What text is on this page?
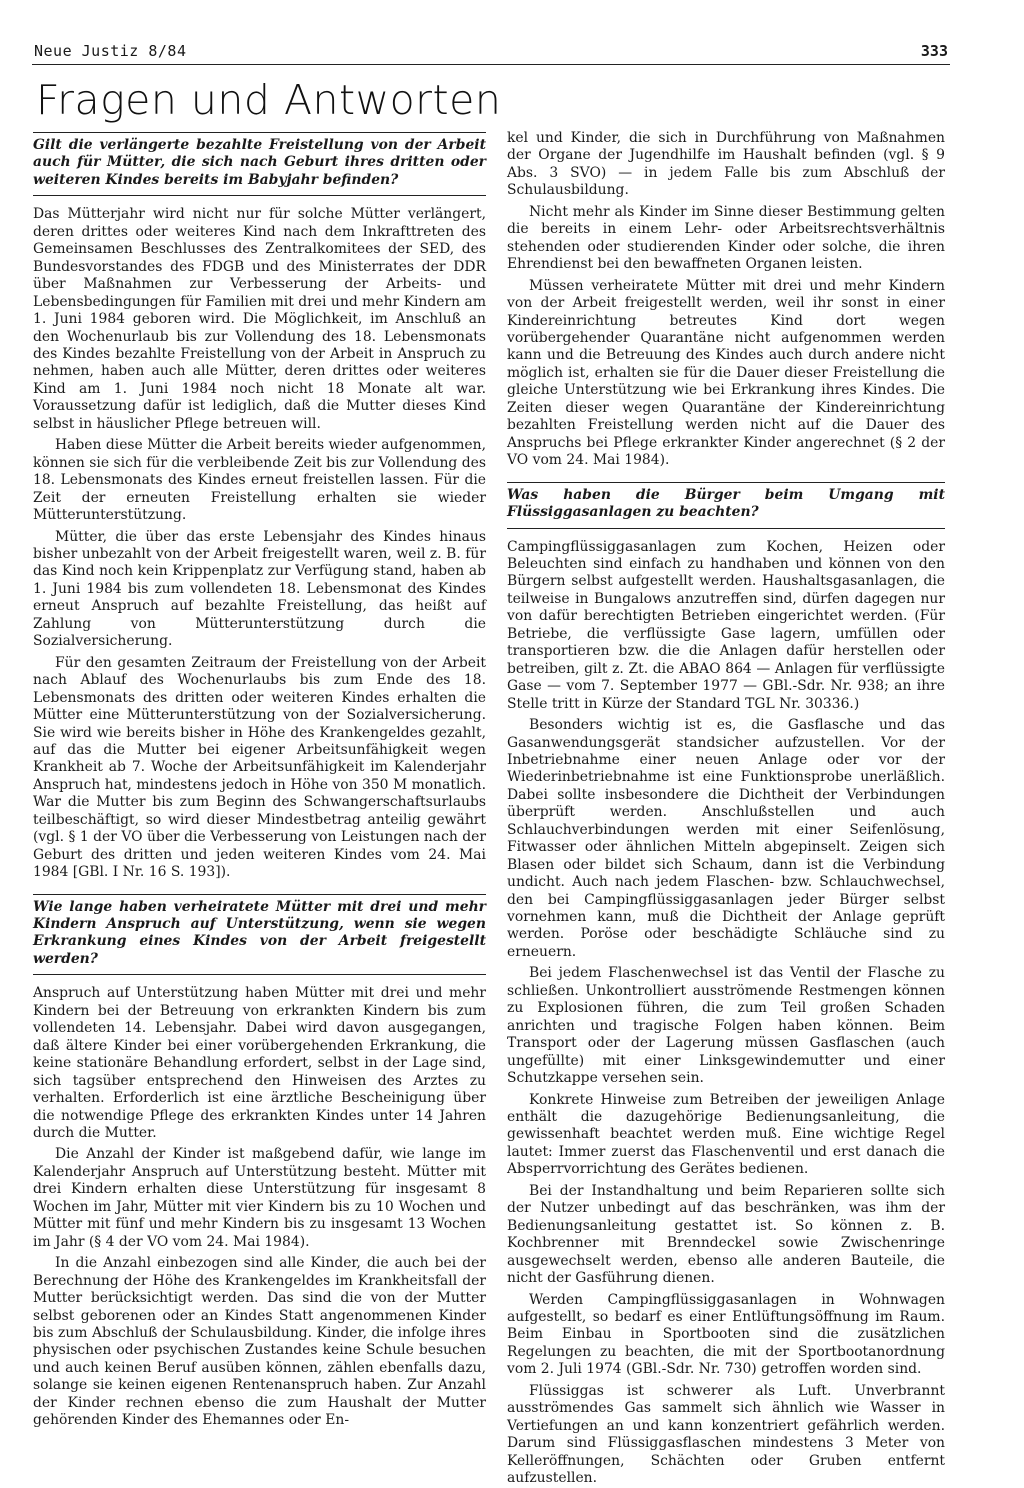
Neue Justiz 8/84	333
Fragen und Antworten
Gilt die verlängerte bezahlte Freistellung von der Arbeit auch für Mütter, die sich nach Geburt ihres dritten oder weiteren Kindes bereits im Babyjahr befinden?

Das Mütterjahr wird nicht nur für solche Mütter verlängert, deren drittes oder weiteres Kind nach dem Inkrafttreten des Gemeinsamen Beschlusses des Zentralkomitees der SED, des Bundesvorstandes des FDGB und des Ministerrates der DDR über Maßnahmen zur Verbesserung der Arbeits- und Lebensbedingungen für Familien mit drei und mehr Kindern am 1. Juni 1984 geboren wird. Die Möglichkeit, im Anschluß an den Wochenurlaub bis zur Vollendung des 18. Lebensmonats des Kindes bezahlte Freistellung von der Arbeit in Anspruch zu nehmen, haben auch alle Mütter, deren drittes oder weiteres Kind am 1. Juni 1984 noch nicht 18 Monate alt war. Voraussetzung dafür ist lediglich, daß die Mutter dieses Kind selbst in häuslicher Pflege betreuen will.

Haben diese Mütter die Arbeit bereits wieder aufgenommen, können sie sich für die verbleibende Zeit bis zur Vollendung des 18. Lebensmonats des Kindes erneut freistellen lassen. Für die Zeit der erneuten Freistellung erhalten sie wieder Mütterunterstützung.

Mütter, die über das erste Lebensjahr des Kindes hinaus bisher unbezahlt von der Arbeit freigestellt waren, weil z. B. für das Kind noch kein Krippenplatz zur Verfügung stand, haben ab 1. Juni 1984 bis zum vollendeten 18. Lebensmonat des Kindes erneut Anspruch auf bezahlte Freistellung, das heißt auf Zahlung von Mütterunterstützung durch die Sozialversicherung.

Für den gesamten Zeitraum der Freistellung von der Arbeit nach Ablauf des Wochenurlaubs bis zum Ende des 18. Lebensmonats des dritten oder weiteren Kindes erhalten die Mütter eine Mütterunterstützung von der Sozialversicherung. Sie wird wie bereits bisher in Höhe des Krankengeldes gezahlt, auf das die Mutter bei eigener Arbeitsunfähigkeit wegen Krankheit ab 7. Woche der Arbeitsunfähigkeit im Kalenderjahr Anspruch hat, mindestens jedoch in Höhe von 350 M monatlich. War die Mutter bis zum Beginn des Schwangerschaftsurlaubs teilbeschäftigt, so wird dieser Mindestbetrag anteilig gewährt (vgl. § 1 der VO über die Verbesserung von Leistungen nach der Geburt des dritten und jeden weiteren Kindes vom 24. Mai 1984 [GBl. I Nr. 16 S. 193]).

Wie lange haben verheiratete Mütter mit drei und mehr Kindern Anspruch auf Unterstützung, wenn sie wegen Erkrankung eines Kindes von der Arbeit freigestellt werden?

Anspruch auf Unterstützung haben Mütter mit drei und mehr Kindern bei der Betreuung von erkrankten Kindern bis zum vollendeten 14. Lebensjahr. Dabei wird davon ausgegangen, daß ältere Kinder bei einer vorübergehenden Erkrankung, die keine stationäre Behandlung erfordert, selbst in der Lage sind, sich tagsüber entsprechend den Hinweisen des Arztes zu verhalten. Erforderlich ist eine ärztliche Bescheinigung über die notwendige Pflege des erkrankten Kindes unter 14 Jahren durch die Mutter.

Die Anzahl der Kinder ist maßgebend dafür, wie lange im Kalenderjahr Anspruch auf Unterstützung besteht. Mütter mit drei Kindern erhalten diese Unterstützung für insgesamt 8 Wochen im Jahr, Mütter mit vier Kindern bis zu 10 Wochen und Mütter mit fünf und mehr Kindern bis zu insgesamt 13 Wochen im Jahr (§ 4 der VO vom 24. Mai 1984).

In die Anzahl einbezogen sind alle Kinder, die auch bei der Berechnung der Höhe des Krankengeldes im Krankheitsfall der Mutter berücksichtigt werden. Das sind die von der Mutter selbst geborenen oder an Kindes Statt angenommenen Kinder bis zum Abschluß der Schulausbildung. Kinder, die infolge ihres physischen oder psychischen Zustandes keine Schule besuchen und auch keinen Beruf ausüben können, zählen ebenfalls dazu, solange sie keinen eigenen Rentenanspruch haben. Zur Anzahl der Kinder rechnen ebenso die zum Haushalt der Mutter gehörenden Kinder des Ehemannes oder En-

kel und Kinder, die sich in Durchführung von Maßnahmen der Organe der Jugendhilfe im Haushalt befinden (vgl. § 9 Abs. 3 SVO) — in jedem Falle bis zum Abschluß der Schulausbildung.

Nicht mehr als Kinder im Sinne dieser Bestimmung gelten die bereits in einem Lehr- oder Arbeitsrechtsverhältnis stehenden oder studierenden Kinder oder solche, die ihren Ehrendienst bei den bewaffneten Organen leisten.

Müssen verheiratete Mütter mit drei und mehr Kindern von der Arbeit freigestellt werden, weil ihr sonst in einer Kindereinrichtung betreutes Kind dort wegen vorübergehender Quarantäne nicht aufgenommen werden kann und die Betreuung des Kindes auch durch andere nicht möglich ist, erhalten sie für die Dauer dieser Freistellung die gleiche Unterstützung wie bei Erkrankung ihres Kindes. Die Zeiten dieser wegen Quarantäne der Kindereinrichtung bezahlten Freistellung werden nicht auf die Dauer des Anspruchs bei Pflege erkrankter Kinder angerechnet (§ 2 der VO vom 24. Mai 1984).

Was haben die Bürger beim Umgang mit Flüssiggasanlagen zu beachten?

Campingflüssiggasanlagen zum Kochen, Heizen oder Beleuchten sind einfach zu handhaben und können von den Bürgern selbst aufgestellt werden. Haushaltsgasanlagen, die teilweise in Bungalows anzutreffen sind, dürfen dagegen nur von dafür berechtigten Betrieben eingerichtet werden. (Für Betriebe, die verflüssigte Gase lagern, umfüllen oder transportieren bzw. die die Anlagen dafür herstellen oder betreiben, gilt z. Zt. die ABAO 864 — Anlagen für verflüssigte Gase — vom 7. September 1977 — GBl.-Sdr. Nr. 938; an ihre Stelle tritt in Kürze der Standard TGL Nr. 30336.)

Besonders wichtig ist es, die Gasflasche und das Gasanwendungsgerät standsicher aufzustellen. Vor der Inbetriebnahme einer neuen Anlage oder vor der Wiederinbetriebnahme ist eine Funktionsprobe unerläßlich. Dabei sollte insbesondere die Dichtheit der Verbindungen überprüft werden. Anschlußstellen und auch Schlauchverbindungen werden mit einer Seifenlösung, Fitwasser oder ähnlichen Mitteln abgepinselt. Zeigen sich Blasen oder bildet sich Schaum, dann ist die Verbindung undicht. Auch nach jedem Flaschen- bzw. Schlauchwechsel, den bei Campingflüssiggasanlagen jeder Bürger selbst vornehmen kann, muß die Dichtheit der Anlage geprüft werden. Poröse oder beschädigte Schläuche sind zu erneuern.

Bei jedem Flaschenwechsel ist das Ventil der Flasche zu schließen. Unkontrolliert ausströmende Restmengen können zu Explosionen führen, die zum Teil großen Schaden anrichten und tragische Folgen haben können. Beim Transport oder der Lagerung müssen Gasflaschen (auch ungefüllte) mit einer Linksgewindemutter und einer Schutzkappe versehen sein.

Konkrete Hinweise zum Betreiben der jeweiligen Anlage enthält die dazugehörige Bedienungsanleitung, die gewissenhaft beachtet werden muß. Eine wichtige Regel lautet: Immer zuerst das Flaschenventil und erst danach die Absperrvorrichtung des Gerätes bedienen.

Bei der Instandhaltung und beim Reparieren sollte sich der Nutzer unbedingt auf das beschränken, was ihm der Bedienungsanleitung gestattet ist. So können z. B. Kochbrenner mit Brenndeckel sowie Zwischenringe ausgewechselt werden, ebenso alle anderen Bauteile, die nicht der Gasführung dienen.

Werden Campingflüssiggasanlagen in Wohnwagen aufgestellt, so bedarf es einer Entlüftungsöffnung im Raum. Beim Einbau in Sportbooten sind die zusätzlichen Regelungen zu beachten, die mit der Sportbootanordnung vom 2. Juli 1974 (GBl.-Sdr. Nr. 730) getroffen worden sind.

Flüssiggas ist schwerer als Luft. Unverbrannt ausströmendes Gas sammelt sich ähnlich wie Wasser in Vertiefungen an und kann konzentriert gefährlich werden. Darum sind Flüssiggasflaschen mindestens 3 Meter von Kelleröffnungen, Schächten oder Gruben entfernt aufzustellen.
